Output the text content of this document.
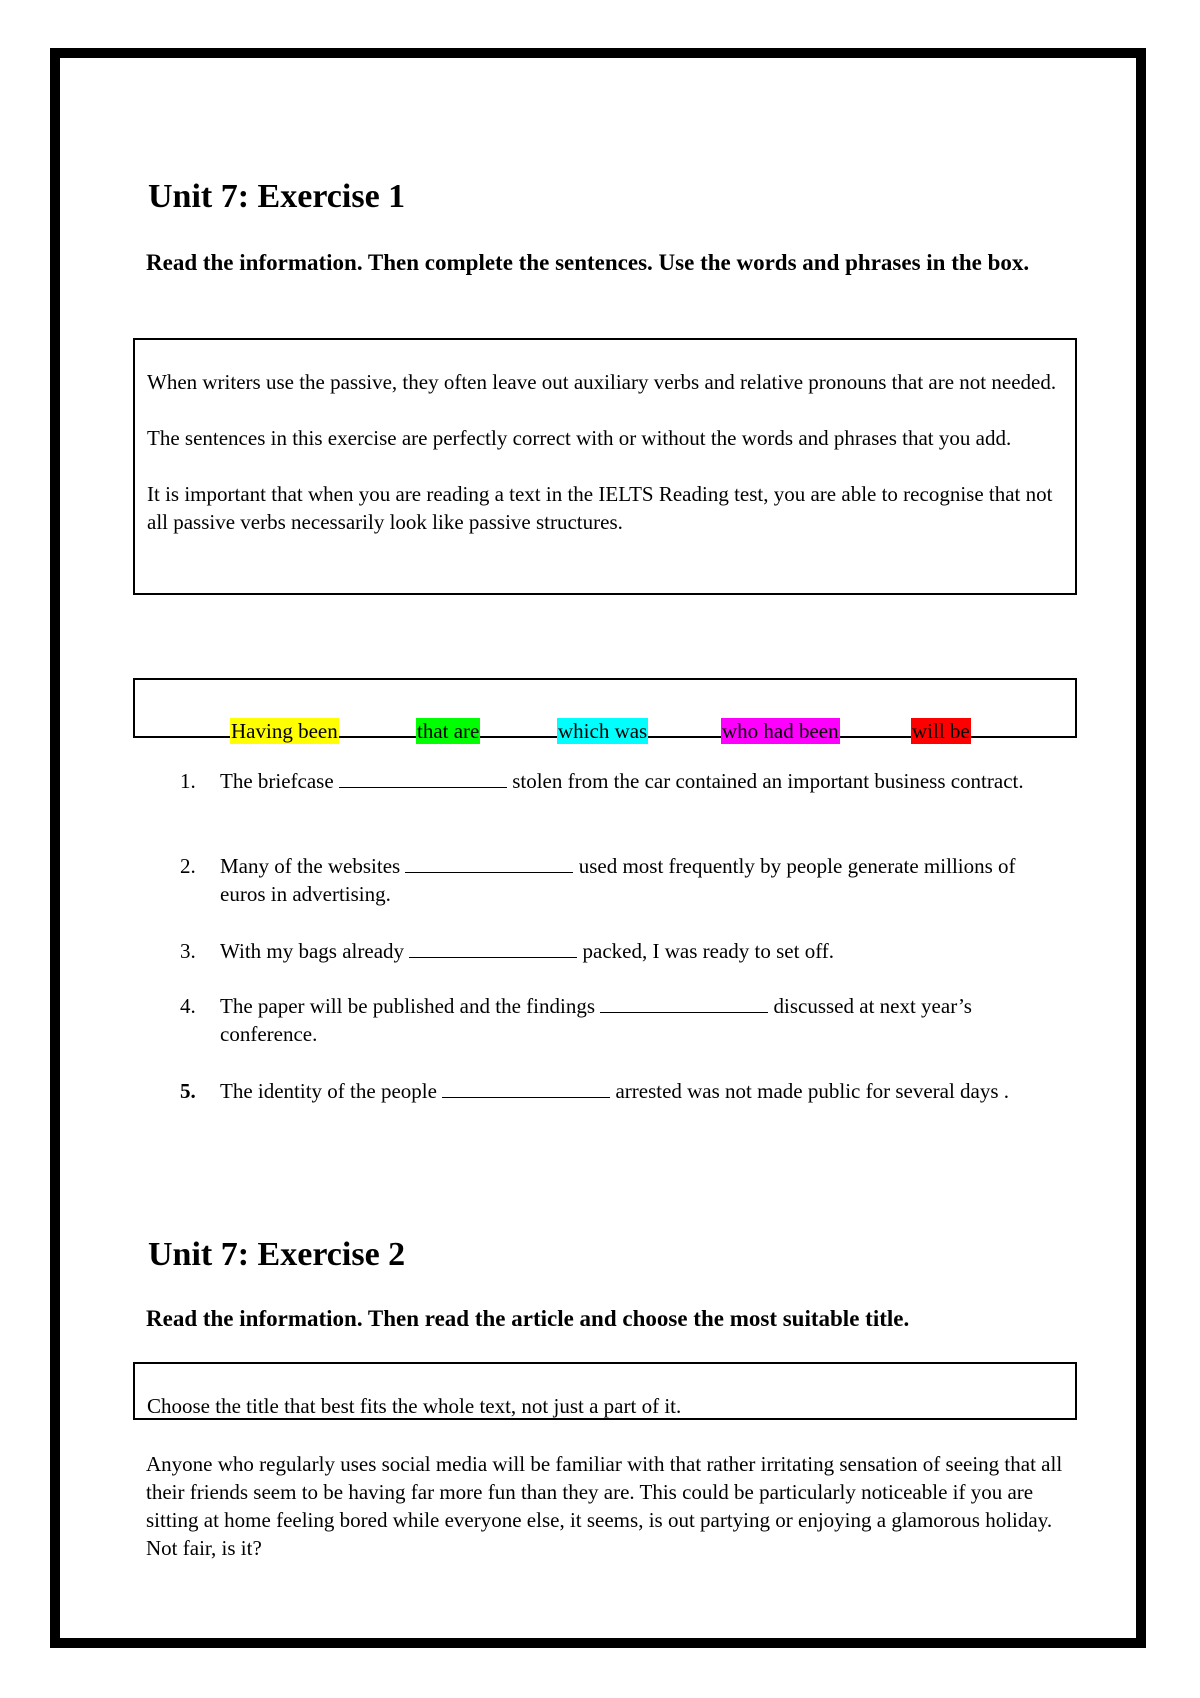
Unit 7: Exercise 1
Read the information. Then complete the sentences. Use the words and phrases in the box.

When writers use the passive, they often leave out auxiliary verbs and relative pronouns that are not needed.

The sentences in this exercise are perfectly correct with or without the words and phrases that you add.

It is important that when you are reading a text in the IELTS Reading test, you are able to recognise that not all passive verbs necessarily look like passive structures.

Having been	that are	which was	who had been	will be
1. The briefcase	stolen from the car contained an important business contract.
2. Many of the websites	used most frequently by people generate millions of euros in advertising.
3. With my bags already	packed, I was ready to set off.
4. The paper will be published and the findings	discussed at next year’s conference.
5. The identity of the people	arrested was not made public for several days .
Unit 7: Exercise 2
Read the information. Then read the article and choose the most suitable title.
Choose the title that best fits the whole text, not just a part of it.
Anyone who regularly uses social media will be familiar with that rather irritating sensation of seeing that all their friends seem to be having far more fun than they are. This could be particularly noticeable if you are sitting at home feeling bored while everyone else, it seems, is out partying or enjoying a glamorous holiday. Not fair, is it?
